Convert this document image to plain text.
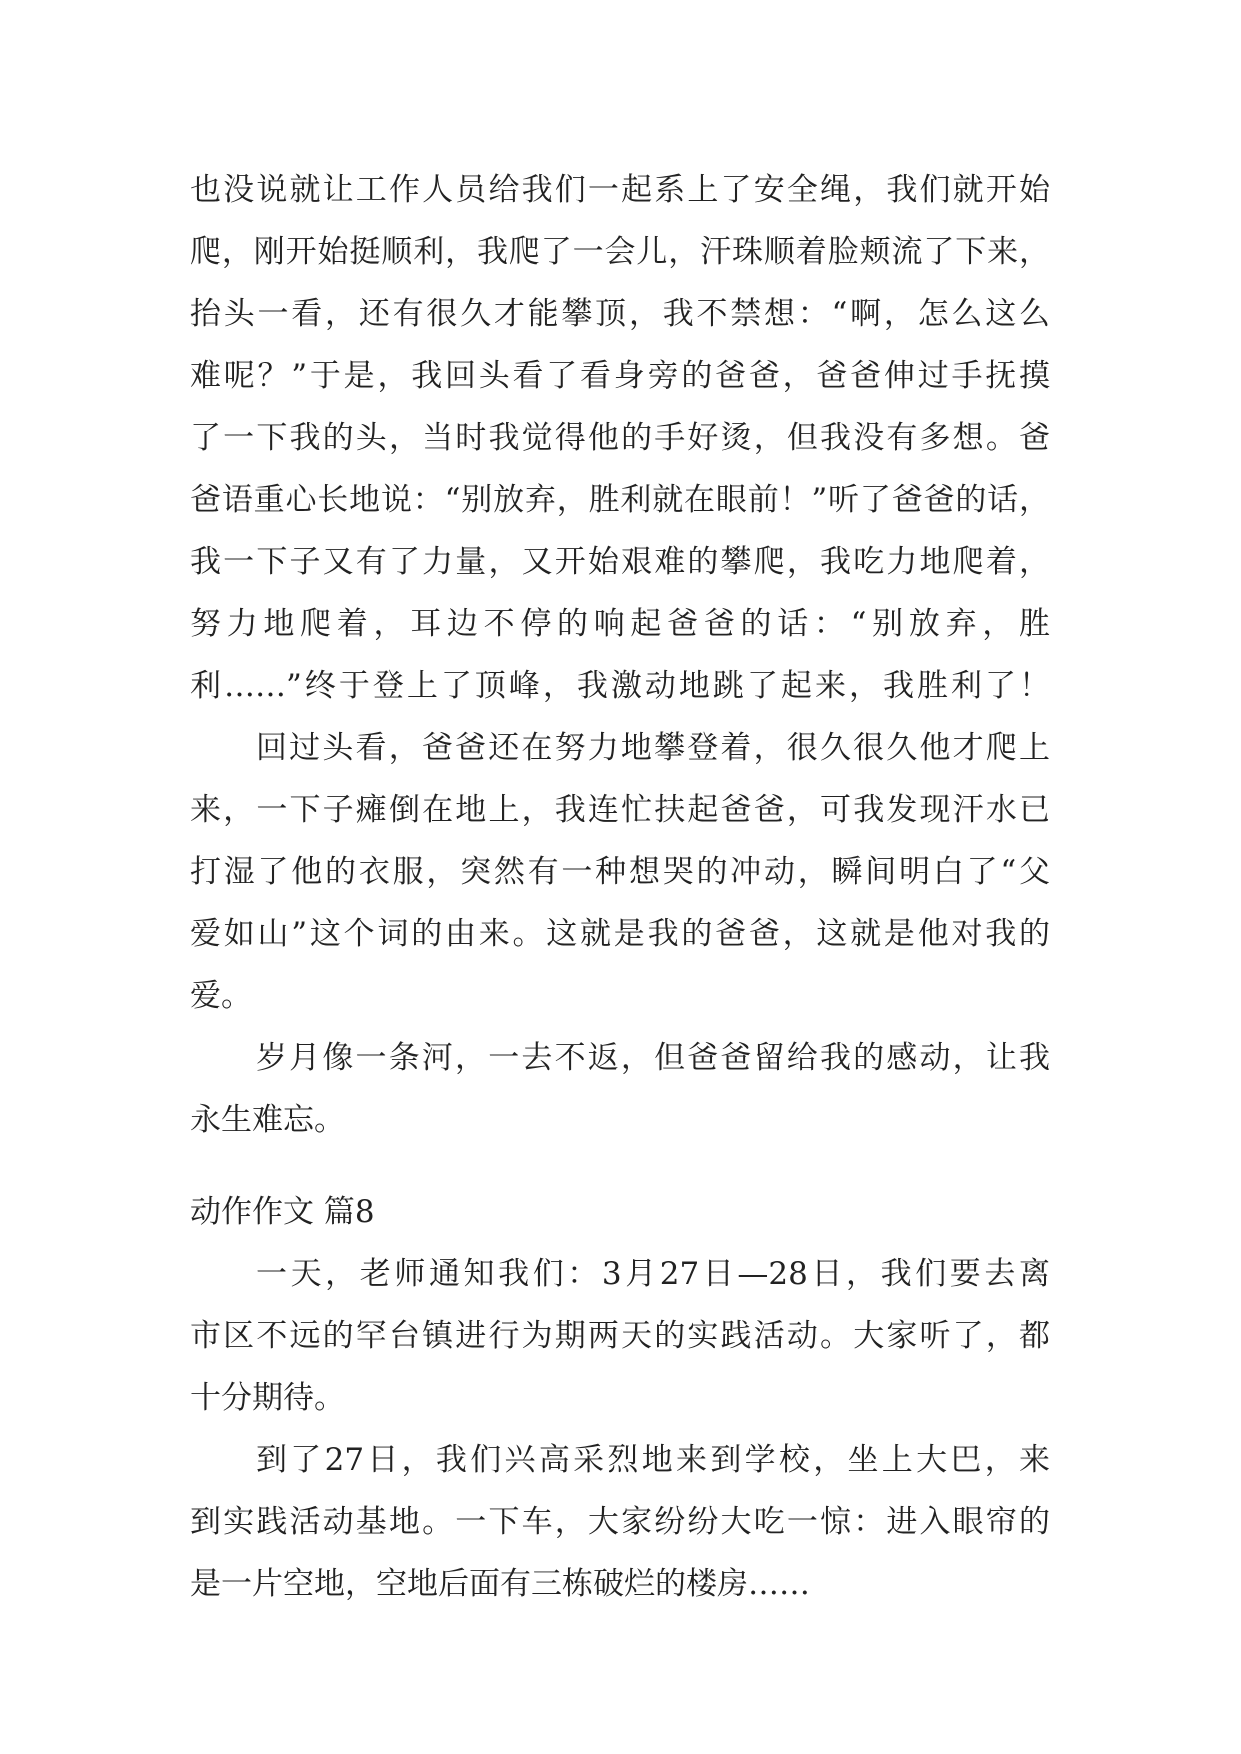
也没说就让工作人员给我们一起系上了安全绳，我们就开始
爬，刚开始挺顺利，我爬了一会儿，汗珠顺着脸颊流了下来，
抬头一看，还有很久才能攀顶，我不禁想：“啊，怎么这么
难呢？”于是，我回头看了看身旁的爸爸，爸爸伸过手抚摸
了一下我的头，当时我觉得他的手好烫，但我没有多想。爸
爸语重心长地说：“别放弃，胜利就在眼前！”听了爸爸的话，
我一下子又有了力量，又开始艰难的攀爬，我吃力地爬着，
努力地爬着，耳边不停的响起爸爸的话：“别放弃，胜
利……”终于登上了顶峰，我激动地跳了起来，我胜利了！
回过头看，爸爸还在努力地攀登着，很久很久他才爬上
来，一下子瘫倒在地上，我连忙扶起爸爸，可我发现汗水已
打湿了他的衣服，突然有一种想哭的冲动，瞬间明白了“父
爱如山”这个词的由来。这就是我的爸爸，这就是他对我的
爱。
岁月像一条河，一去不返，但爸爸留给我的感动，让我
永生难忘。
动作作文 篇8
一天，老师通知我们：3月27日—28日，我们要去离
市区不远的罕台镇进行为期两天的实践活动。大家听了，都
十分期待。
到了27日，我们兴高采烈地来到学校，坐上大巴，来
到实践活动基地。一下车，大家纷纷大吃一惊：进入眼帘的
是一片空地，空地后面有三栋破烂的楼房……
